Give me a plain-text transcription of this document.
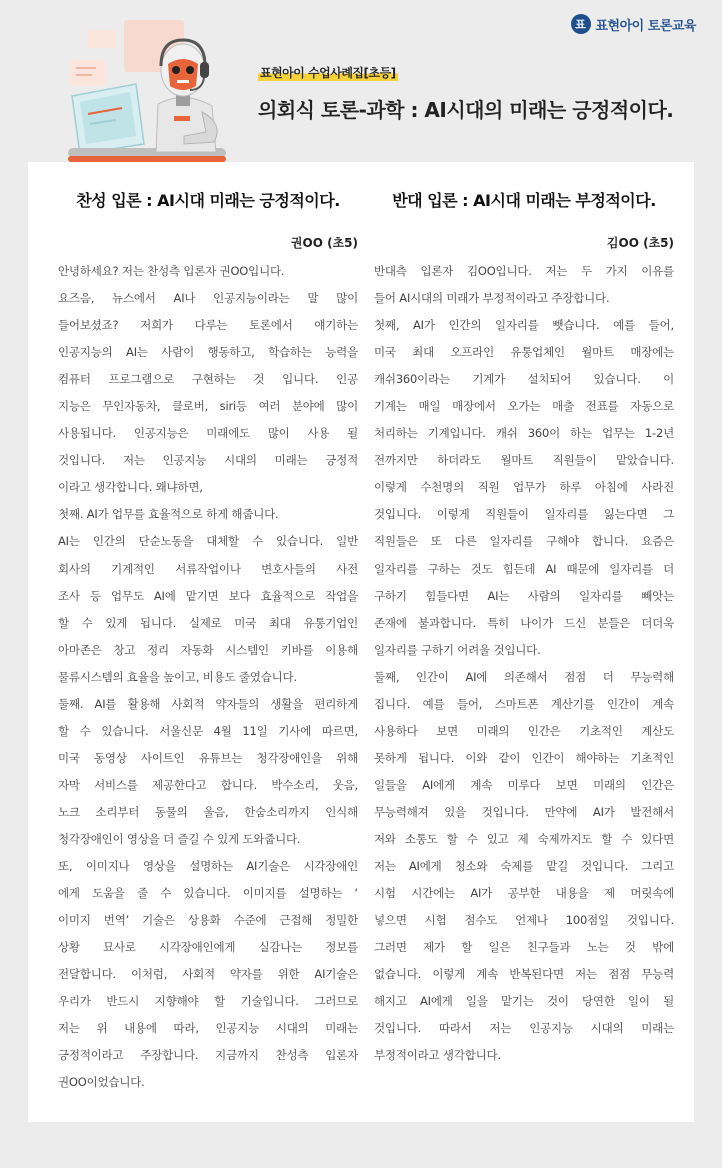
표 표현아이 토론교육
표현아이 수업사례집[초등]
의회식 토론-과학 : AI시대의 미래는 긍정적이다.
찬성 입론 : AI시대 미래는 긍정적이다.
권OO (초5)
안녕하세요? 저는 찬성측 입론자 권OO입니다.
요즈음, 뉴스에서 AI나 인공지능이라는 말 많이
들어보셨죠? 저희가 다루는 토론에서 얘기하는
인공지능의 AI는 사람이 행동하고, 학습하는 능력을
컴퓨터 프로그램으로 구현하는 것 입니다. 인공
지능은 무인자동차, 클로버, siri등 여러 분야에 많이
사용됩니다. 인공지능은 미래에도 많이 사용 될
것입니다. 저는 인공지능 시대의 미래는 긍정적
이라고 생각합니다. 왜냐하면,
첫째. AI가 업무를 효율적으로 하게 해줍니다.
AI는 인간의 단순노동을 대체할 수 있습니다. 일반
회사의 기계적인 서류작업이나 변호사들의 사전
조사 등 업무도 AI에 맡기면 보다 효율적으로 작업을
할 수 있게 됩니다. 실제로 미국 최대 유통기업인
아마존은 창고 정리 자동화 시스템인 키바를 이용해
물류시스템의 효율을 높이고, 비용도 줄였습니다.
둘째. AI를 활용해 사회적 약자들의 생활을 편리하게
할 수 있습니다. 서울신문 4월 11일 기사에 따르면,
미국 동영상 사이트인 유튜브는 청각장애인을 위해
자막 서비스를 제공한다고 합니다. 박수소리, 웃음,
노크 소리부터 동물의 울음, 한숨소리까지 인식해
청각장애인이 영상을 더 즐길 수 있게 도와줍니다.
또, 이미지나 영상을 설명하는 AI기술은 시각장애인
에게 도움을 줄 수 있습니다. 이미지를 설명하는 ‘
이미지 번역’ 기술은 상용화 수준에 근접해 정밀한
상황 묘사로 시각장애인에게 실감나는 정보를
전달합니다. 이처럼, 사회적 약자를 위한 AI기술은
우리가 반드시 지향해야 할 기술입니다. 그러므로
저는 위 내용에 따라, 인공지능 시대의 미래는
긍정적이라고 주장합니다. 지금까지 찬성측 입론자
권OO이었습니다.
반대 입론 : AI시대 미래는 부정적이다.
김OO (초5)
반대측 입론자 김OO입니다. 저는 두 가지 이유를
들어 AI시대의 미래가 부정적이라고 주장합니다.
첫째, AI가 인간의 일자리를 뺏습니다. 예를 들어,
미국 최대 오프라인 유통업체인 월마트 매장에는
캐쉬360이라는 기계가 설치되어 있습니다. 이
기계는 매일 매장에서 오가는 매출 전표를 자동으로
처리하는 기계입니다. 캐쉬 360이 하는 업무는 1-2년
전까지만 하더라도 월마트 직원들이 맡았습니다.
이렇게 수천명의 직원 업무가 하루 아침에 사라진
것입니다. 이렇게 직원들이 일자리를 잃는다면 그
직원들은 또 다른 일자리를 구해야 합니다. 요즘은
일자리를 구하는 것도 힘든데 AI 때문에 일자리를 더
구하기 힘들다면 AI는 사람의 일자리를 빼앗는
존재에 불과합니다. 특히 나이가 드신 분들은 더더욱
일자리를 구하기 어려울 것입니다.
둘째, 인간이 AI에 의존해서 점점 더 무능력해
집니다. 예를 들어, 스마트폰 계산기를 인간이 계속
사용하다 보면 미래의 인간은 기초적인 계산도
못하게 됩니다. 이와 같이 인간이 해야하는 기초적인
일들을 AI에게 계속 미루다 보면 미래의 인간은
무능력해져 있을 것입니다. 만약에 AI가 발전해서
저와 소통도 할 수 있고 제 숙제까지도 할 수 있다면
저는 AI에게 청소와 숙제를 맡길 것입니다. 그리고
시험 시간에는 AI가 공부한 내용을 제 머릿속에
넣으면 시험 점수도 언제나 100점일 것입니다.
그러면 제가 할 일은 친구들과 노는 것 밖에
없습니다. 이렇게 계속 반복된다면 저는 점점 무능력
해지고 AI에게 일을 맡기는 것이 당연한 일이 될
것입니다. 따라서 저는 인공지능 시대의 미래는
부정적이라고 생각합니다.
